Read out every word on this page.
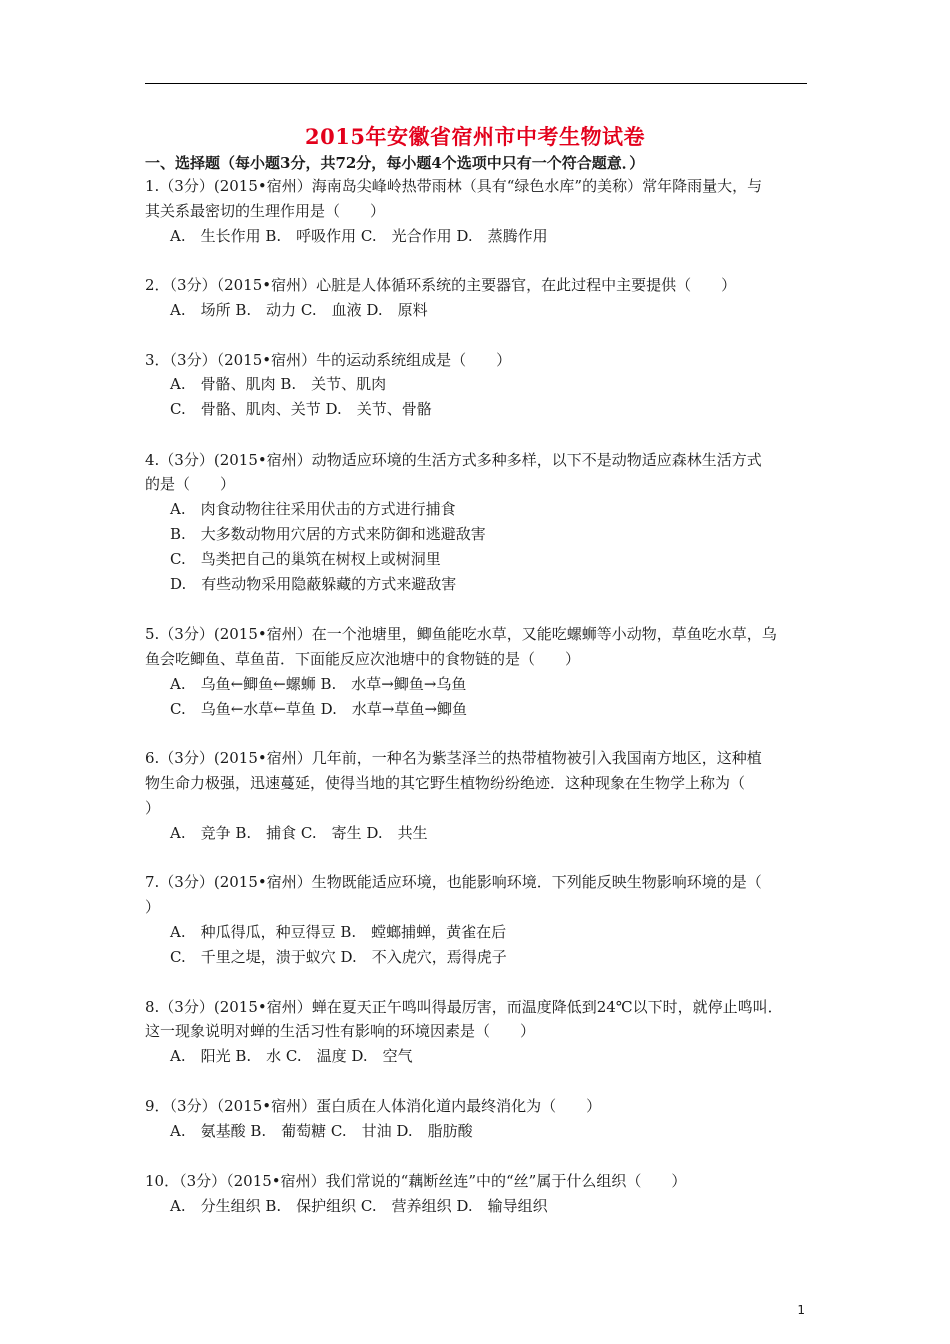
2015年安徽省宿州市中考生物试卷
一、选择题（每小题3分，共72分，每小题4个选项中只有一个符合题意．）
1.（3分）(2015•宿州）海南岛尖峰岭热带雨林（具有“绿色水库”的美称）常年降雨量大，与
其关系最密切的生理作用是（　　）
A.　生长作用 B.　呼吸作用 C.　光合作用 D.　蒸腾作用
2．（3分）（2015•宿州）心脏是人体循环系统的主要器官，在此过程中主要提供（　　）
A.　场所 B.　动力 C.　血液 D.　原料
3．（3分）（2015•宿州）牛的运动系统组成是（　　）
A.　骨骼、肌肉 B.　关节、肌肉
C.　骨骼、肌肉、关节 D.　关节、骨骼
4.（3分）(2015•宿州）动物适应环境的生活方式多种多样，以下不是动物适应森林生活方式
的是（　　）
A.　肉食动物往往采用伏击的方式进行捕食
B.　大多数动物用穴居的方式来防御和逃避敌害
C.　鸟类把自己的巢筑在树杈上或树洞里
D.　有些动物采用隐蔽躲藏的方式来避敌害
5.（3分）(2015•宿州）在一个池塘里，鲫鱼能吃水草，又能吃螺蛳等小动物，草鱼吃水草，乌
鱼会吃鲫鱼、草鱼苗．下面能反应次池塘中的食物链的是（　　）
A.　乌鱼←鲫鱼←螺蛳 B.　水草→鲫鱼→乌鱼
C.　乌鱼←水草←草鱼 D.　水草→草鱼→鲫鱼
6.（3分）(2015•宿州）几年前，一种名为紫茎泽兰的热带植物被引入我国南方地区，这种植
物生命力极强，迅速蔓延，使得当地的其它野生植物纷纷绝迹．这种现象在生物学上称为（
）
A.　竞争 B.　捕食 C.　寄生 D.　共生
7.（3分）(2015•宿州）生物既能适应环境，也能影响环境．下列能反映生物影响环境的是（
）
A.　种瓜得瓜，种豆得豆 B.　螳螂捕蝉，黄雀在后
C.　千里之堤，溃于蚁穴 D.　不入虎穴，焉得虎子
8.（3分）(2015•宿州）蝉在夏天正午鸣叫得最厉害，而温度降低到24℃以下时，就停止鸣叫．
这一现象说明对蝉的生活习性有影响的环境因素是（　　）
A.　阳光 B.　水 C.　温度 D.　空气
9．（3分）（2015•宿州）蛋白质在人体消化道内最终消化为（　　）
A.　氨基酸 B.　葡萄糖 C.　甘油 D.　脂肪酸
10．（3分）（2015•宿州）我们常说的“藕断丝连”中的“丝”属于什么组织（　　）
A.　分生组织 B.　保护组织 C.　营养组织 D.　输导组织
1
